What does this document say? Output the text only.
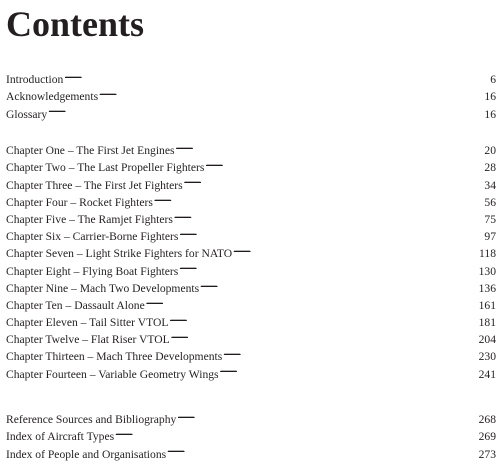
Contents
Introduction . . .	6
Acknowledgements . . .	16
Glossary . . .	16
Chapter One – The First Jet Engines . . .	20
Chapter Two – The Last Propeller Fighters . . .	28
Chapter Three – The First Jet Fighters . . .	34
Chapter Four – Rocket Fighters . . .	56
Chapter Five – The Ramjet Fighters . . .	75
Chapter Six – Carrier-Borne Fighters . . .	97
Chapter Seven – Light Strike Fighters for NATO . . .	118
Chapter Eight – Flying Boat Fighters . . .	130
Chapter Nine – Mach Two Developments . . .	136
Chapter Ten – Dassault Alone . . .	161
Chapter Eleven – Tail Sitter VTOL . . .	181
Chapter Twelve – Flat Riser VTOL . . .	204
Chapter Thirteen – Mach Three Developments . . .	230
Chapter Fourteen – Variable Geometry Wings . . .	241
Reference Sources and Bibliography . . .	268
Index of Aircraft Types . . .	269
Index of People and Organisations . . .	273
